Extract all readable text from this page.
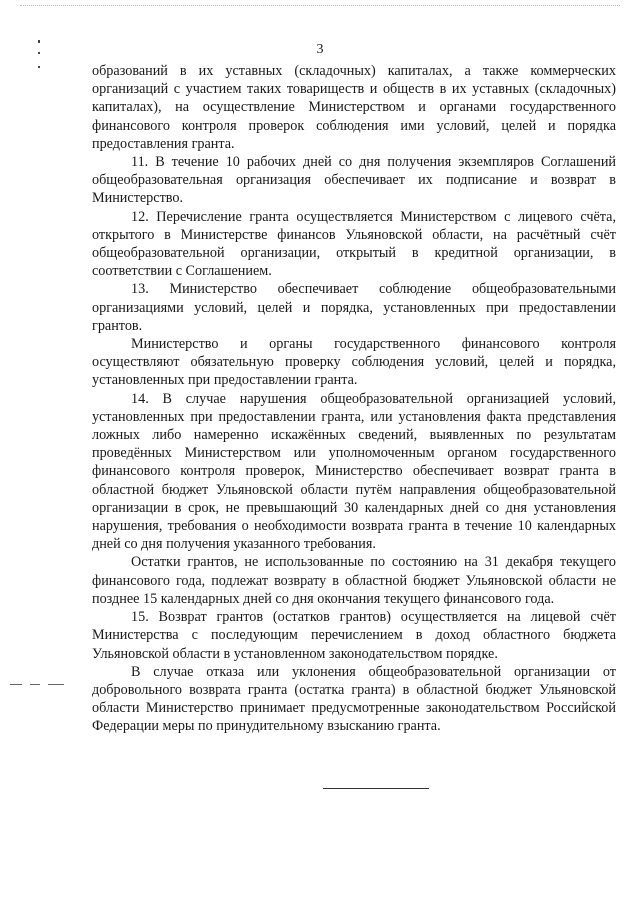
3

образований в их уставных (складочных) капиталах, а также коммерческих организаций с участием таких товариществ и обществ в их уставных (складочных) капиталах), на осуществление Министерством и органами государственного финансового контроля проверок соблюдения ими условий, целей и порядка предоставления гранта.

11. В течение 10 рабочих дней со дня получения экземпляров Соглашений общеобразовательная организация обеспечивает их подписание и возврат в Министерство.

12. Перечисление гранта осуществляется Министерством с лицевого счёта, открытого в Министерстве финансов Ульяновской области, на расчётный счёт общеобразовательной организации, открытый в кредитной организации, в соответствии с Соглашением.

13. Министерство обеспечивает соблюдение общеобразовательными организациями условий, целей и порядка, установленных при предоставлении грантов.

Министерство и органы государственного финансового контроля осуществляют обязательную проверку соблюдения условий, целей и порядка, установленных при предоставлении гранта.

14. В случае нарушения общеобразовательной организацией условий, установленных при предоставлении гранта, или установления факта представления ложных либо намеренно искажённых сведений, выявленных по результатам проведённых Министерством или уполномоченным органом государственного финансового контроля проверок, Министерство обеспечивает возврат гранта в областной бюджет Ульяновской области путём направления общеобразовательной организации в срок, не превышающий 30 календарных дней со дня установления нарушения, требования о необходимости возврата гранта в течение 10 календарных дней со дня получения указанного требования.

Остатки грантов, не использованные по состоянию на 31 декабря текущего финансового года, подлежат возврату в областной бюджет Ульяновской области не позднее 15 календарных дней со дня окончания текущего финансового года.

15. Возврат грантов (остатков грантов) осуществляется на лицевой счёт Министерства с последующим перечислением в доход областного бюджета Ульяновской области в установленном законодательством порядке.

В случае отказа или уклонения общеобразовательной организации от добровольного возврата гранта (остатка гранта) в областной бюджет Ульяновской области Министерство принимает предусмотренные законодательством Российской Федерации меры по принудительному взысканию гранта.
